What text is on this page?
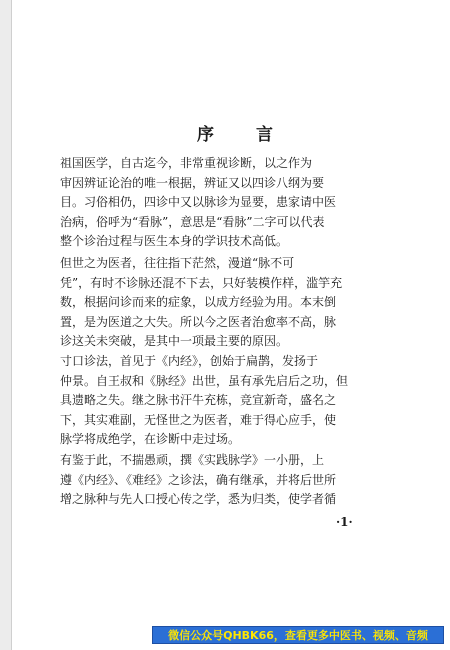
序 言
祖国医学，自古迄今，非常重视诊断，以之作为
审因辨证论治的唯一根据，辨证又以四诊八纲为要
目。习俗相仍，四诊中又以脉诊为显要，患家请中医
治病，俗呼为“看脉”，意思是“看脉”二字可以代表
整个诊治过程与医生本身的学识技术高低。
但世之为医者，往往指下茫然，漫道“脉不可
凭”，有时不诊脉还混不下去，只好装模作样，滥竽充
数，根据问诊而来的症象，以成方经验为用。本末倒
置，是为医道之大失。所以今之医者治愈率不高，脉
诊这关未突破，是其中一项最主要的原因。
寸口诊法，首见于《内经》，创始于扁鹊，发扬于
仲景。自王叔和《脉经》出世，虽有承先启后之功，但
具遗略之失。继之脉书汗牛充栋，竞宣新奇，盛名之
下，其实难副，无怪世之为医者，难于得心应手，使
脉学将成绝学，在诊断中走过场。
有鉴于此，不揣愚顽，撰《实践脉学》一小册，上
遵《内经》、《难经》之诊法，确有继承，并将后世所
增之脉种与先人口授心传之学，悉为归类，使学者循
·1·
微信公众号QHBK66，查看更多中医书、视频、音频
